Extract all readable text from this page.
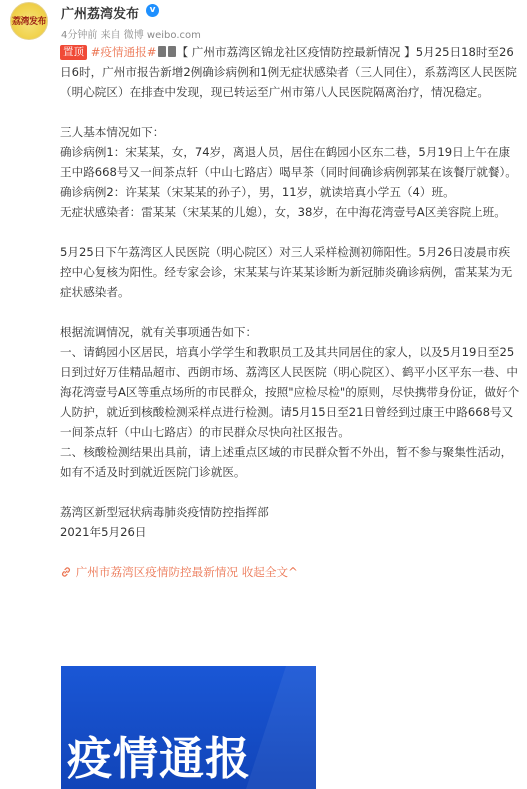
荔湾发布 广州荔湾发布	v
4分钟前 来自 微博 weibo.com

置顶 #疫情通报# 【 广州市荔湾区锦龙社区疫情防控最新情况 】5月25日18时至26日6时，广州市报告新增2例确诊病例和1例无症状感染者（三人同住），系荔湾区人民医院（明心院区）在排查中发现，现已转运至广州市第八人民医院隔离治疗，情况稳定。

三人基本情况如下：

确诊病例1：宋某某，女，74岁，离退人员，居住在鹤园小区东二巷，5月19日上午在康王中路668号又一间茶点轩（中山七路店）喝早茶（同时间确诊病例郭某在该餐厅就餐）。

确诊病例2：许某某（宋某某的孙子），男，11岁，就读培真小学五（4）班。

无症状感染者：雷某某（宋某某的儿媳），女，38岁，在中海花湾壹号A区美容院上班。

5月25日下午荔湾区人民医院（明心院区）对三人采样检测初筛阳性。5月26日凌晨市疾控中心复核为阳性。经专家会诊，宋某某与许某某诊断为新冠肺炎确诊病例，雷某某为无症状感染者。

根据流调情况，就有关事项通告如下：

一、请鹤园小区居民，培真小学学生和教职员工及其共同居住的家人，以及5月19日至25日到过好万佳精品超市、西朗市场、荔湾区人民医院（明心院区）、鹤平小区平东一巷、中海花湾壹号A区等重点场所的市民群众，按照"应检尽检"的原则，尽快携带身份证，做好个人防护，就近到核酸检测采样点进行检测。请5月15日至21日曾经到过康王中路668号又一间茶点轩（中山七路店）的市民群众尽快向社区报告。

二、核酸检测结果出具前，请上述重点区域的市民群众暂不外出，暂不参与聚集性活动，如有不适及时到就近医院门诊就医。

荔湾区新型冠状病毒肺炎疫情防控指挥部

2021年5月26日

广州市荔湾区疫情防控最新情况 收起全文^

疫情通报
